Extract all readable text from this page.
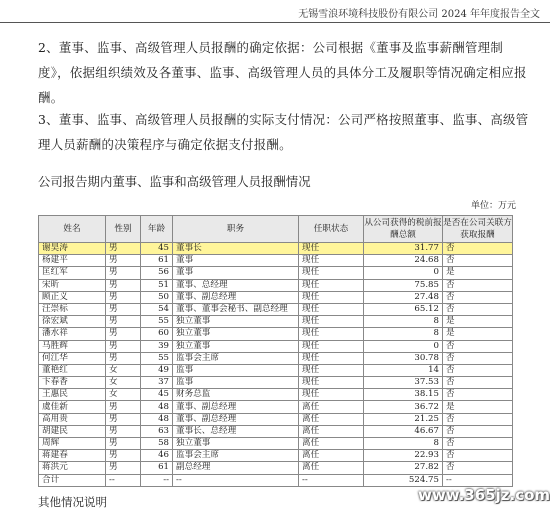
无锡雪浪环境科技股份有限公司 2024 年年度报告全文
2、董事、监事、高级管理人员报酬的确定依据：公司根据《董事及监事薪酬管理制度》，依据组织绩效及各董事、监事、高级管理人员的具体分工及履职等情况确定相应报酬。
3、董事、监事、高级管理人员报酬的实际支付情况：公司严格按照董事、监事、高级管理人员薪酬的决策程序与确定依据支付报酬。
公司报告期内董事、监事和高级管理人员报酬情况
单位：万元
姓名	性别	年龄	职务	任职状态	从公司获得的税前报酬总额	是否在公司关联方获取报酬
谢昊涛	男	45	董事长	现任	31.77	否
杨建平	男	61	董事	现任	24.68	否
匡红军	男	56	董事	现任	0	是
宋昕	男	51	董事、总经理	现任	75.85	否
顾正义	男	50	董事、副总经理	现任	27.48	否
汪崇标	男	54	董事、董事会秘书、副总经理	现任	65.12	否
徐宏斌	男	55	独立董事	现任	8	是
潘水祥	男	60	独立董事	现任	8	是
马胜辉	男	39	独立董事	现任	0	否
何江华	男	55	监事会主席	现任	30.78	否
董艳红	女	49	监事	现任	14	否
卞春香	女	37	监事	现任	37.53	否
王惠民	女	45	财务总监	现任	38.15	否
虞佳新	男	48	董事、副总经理	离任	36.72	是
高用贵	男	48	董事、副总经理	离任	21.25	否
胡建民	男	63	董事长、总经理	离任	46.67	否
周辉	男	58	独立董事	离任	8	否
蒋建春	男	46	监事会主席	离任	22.93	否
蒋洪元	男	61	副总经理	离任	27.82	否
合计	--	--	--	--	524.75	--
其他情况说明	www.365jz.com
